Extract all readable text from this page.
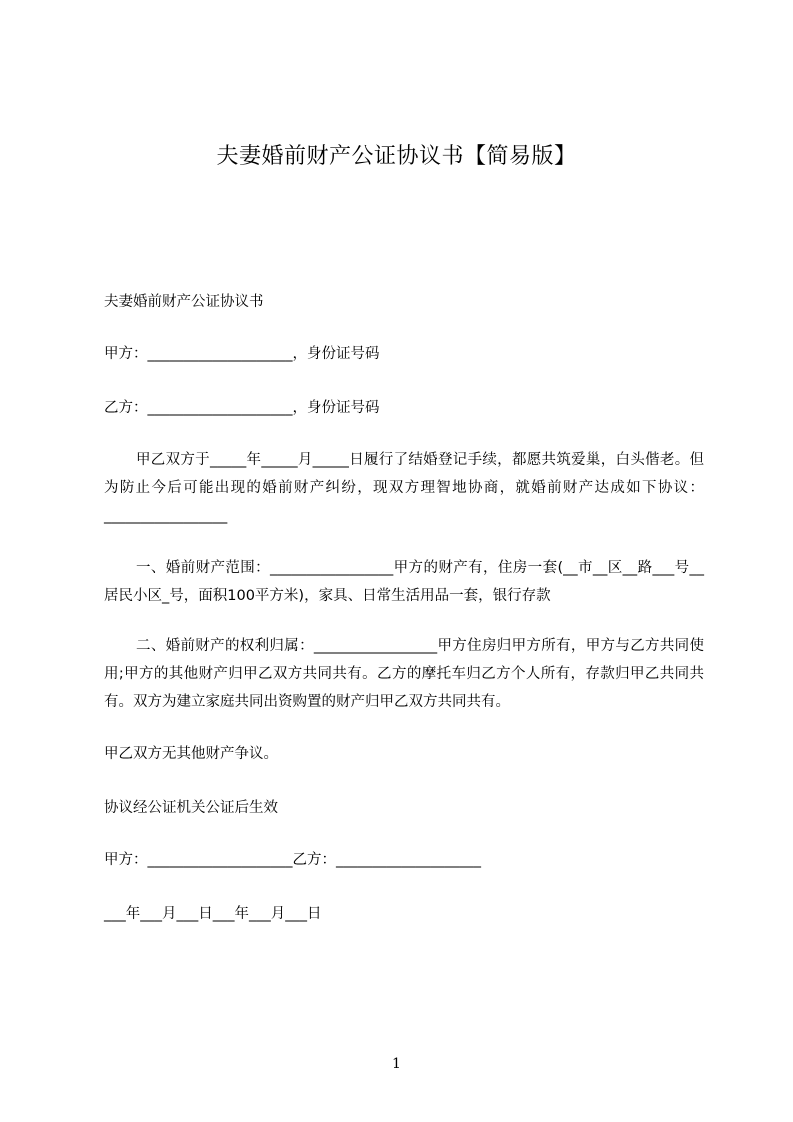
夫妻婚前财产公证协议书【简易版】
夫妻婚前财产公证协议书
甲方：____________________，身份证号码
乙方：____________________，身份证号码
甲乙双方于_____年_____月_____日履行了结婚登记手续，都愿共筑爱巢，白头偕老。但为防止今后可能出现的婚前财产纠纷，现双方理智地协商，就婚前财产达成如下协议：_________________
一、婚前财产范围：_________________甲方的财产有，住房一套(__市__区__路___号__居民小区_号，面积100平方米)，家具、日常生活用品一套，银行存款
二、婚前财产的权利归属：_________________甲方住房归甲方所有，甲方与乙方共同使用;甲方的其他财产归甲乙双方共同共有。乙方的摩托车归乙方个人所有，存款归甲乙共同共有。双方为建立家庭共同出资购置的财产归甲乙双方共同共有。
甲乙双方无其他财产争议。
协议经公证机关公证后生效
甲方：____________________乙方：____________________
___年___月___日___年___月___日
1
